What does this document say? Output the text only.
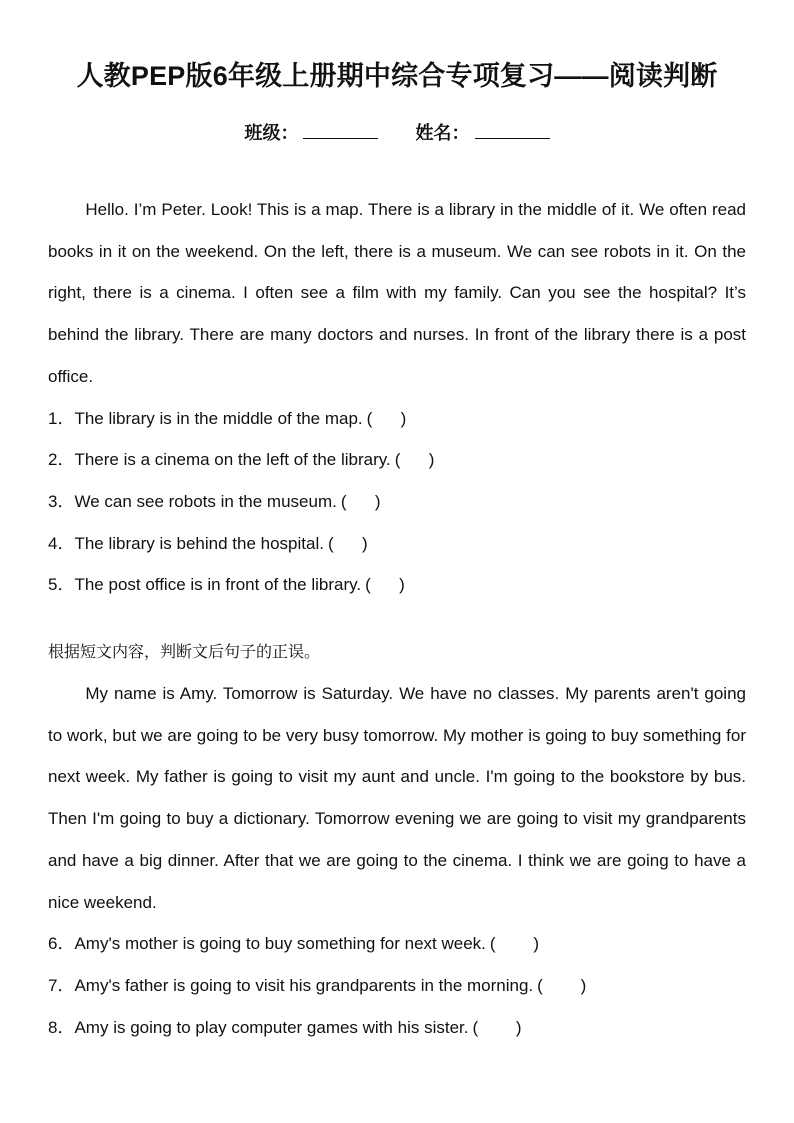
人教PEP版6年级上册期中综合专项复习——阅读判断
班级：	姓名：

Hello. I’m Peter. Look! This is a map. There is a library in the middle of it. We often read books in it on the weekend. On the left, there is a museum. We can see robots in it. On the right, there is a cinema. I often see a film with my family. Can you see the hospital? It’s behind the library. There are many doctors and nurses. In front of the library there is a post office.

1．The library is in the middle of the map. (      )
2．There is a cinema on the left of the library. (      )
3．We can see robots in the museum. (      )
4．The library is behind the hospital. (      )
5．The post office is in front of the library. (      )
根据短文内容，判断文后句子的正误。

My name is Amy. Tomorrow is Saturday. We have no classes. My parents aren't going to work, but we are going to be very busy tomorrow. My mother is going to buy something for next week. My father is going to visit my aunt and uncle. I'm going to the bookstore by bus. Then I'm going to buy a dictionary. Tomorrow evening we are going to visit my grandparents and have a big dinner. After that we are going to the cinema. I think we are going to have a nice weekend.

6．Amy's mother is going to buy something for next week. (        )
7．Amy's father is going to visit his grandparents in the morning. (        )
8．Amy is going to play computer games with his sister. (        )
